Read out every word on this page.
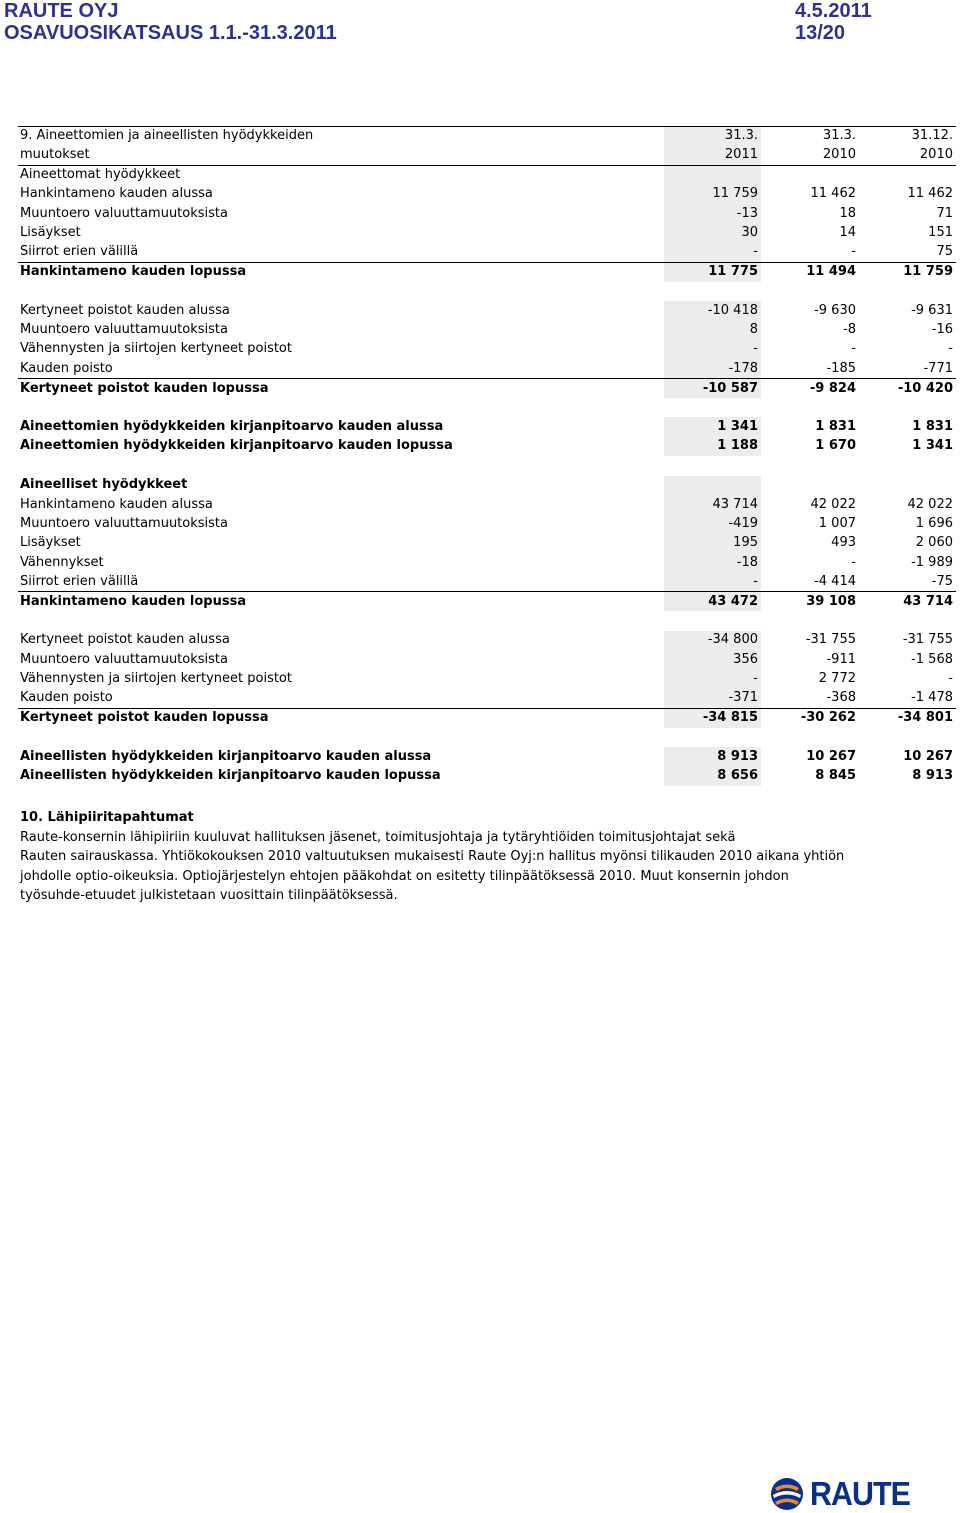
RAUTE OYJ
OSAVUOSIKATSAUS 1.1.-31.3.2011
4.5.2011
13/20
9. Aineettomien ja aineellisten hyödykkeiden	31.3.	31.3.	31.12.
muutokset	2011	2010	2010
Aineettomat hyödykkeet			
Hankintameno kauden alussa	11 759	11 462	11 462
Muuntoero valuuttamuutoksista	-13	18	71
Lisäykset	30	14	151
Siirrot erien välillä	-	-	75
Hankintameno kauden lopussa	11 775	11 494	11 759

Kertyneet poistot kauden alussa	-10 418	-9 630	-9 631
Muuntoero valuuttamuutoksista	8	-8	-16
Vähennysten ja siirtojen kertyneet poistot	-	-	-
Kauden poisto	-178	-185	-771
Kertyneet poistot kauden lopussa	-10 587	-9 824	-10 420

Aineettomien hyödykkeiden kirjanpitoarvo kauden alussa	1 341	1 831	1 831
Aineettomien hyödykkeiden kirjanpitoarvo kauden lopussa	1 188	1 670	1 341

Aineelliset hyödykkeet			
Hankintameno kauden alussa	43 714	42 022	42 022
Muuntoero valuuttamuutoksista	-419	1 007	1 696
Lisäykset	195	493	2 060
Vähennykset	-18	-	-1 989
Siirrot erien välillä	-	-4 414	-75
Hankintameno kauden lopussa	43 472	39 108	43 714

Kertyneet poistot kauden alussa	-34 800	-31 755	-31 755
Muuntoero valuuttamuutoksista	356	-911	-1 568
Vähennysten ja siirtojen kertyneet poistot	-	2 772	-
Kauden poisto	-371	-368	-1 478
Kertyneet poistot kauden lopussa	-34 815	-30 262	-34 801

Aineellisten hyödykkeiden kirjanpitoarvo kauden alussa	8 913	10 267	10 267
Aineellisten hyödykkeiden kirjanpitoarvo kauden lopussa	8 656	8 845	8 913
10. Lähipiiritapahtumat
Raute-konsernin lähipiiriin kuuluvat hallituksen jäsenet, toimitusjohtaja ja tytäryhtiöiden toimitusjohtajat sekä
Rauten sairauskassa. Yhtiökokouksen 2010 valtuutuksen mukaisesti Raute Oyj:n hallitus myönsi tilikauden 2010 aikana yhtiön
johdolle optio-oikeuksia. Optiojärjestelyn ehtojen pääkohdat on esitetty tilinpäätöksessä 2010. Muut konsernin johdon
työsuhde-etuudet julkistetaan vuosittain tilinpäätöksessä.
RAUTE
